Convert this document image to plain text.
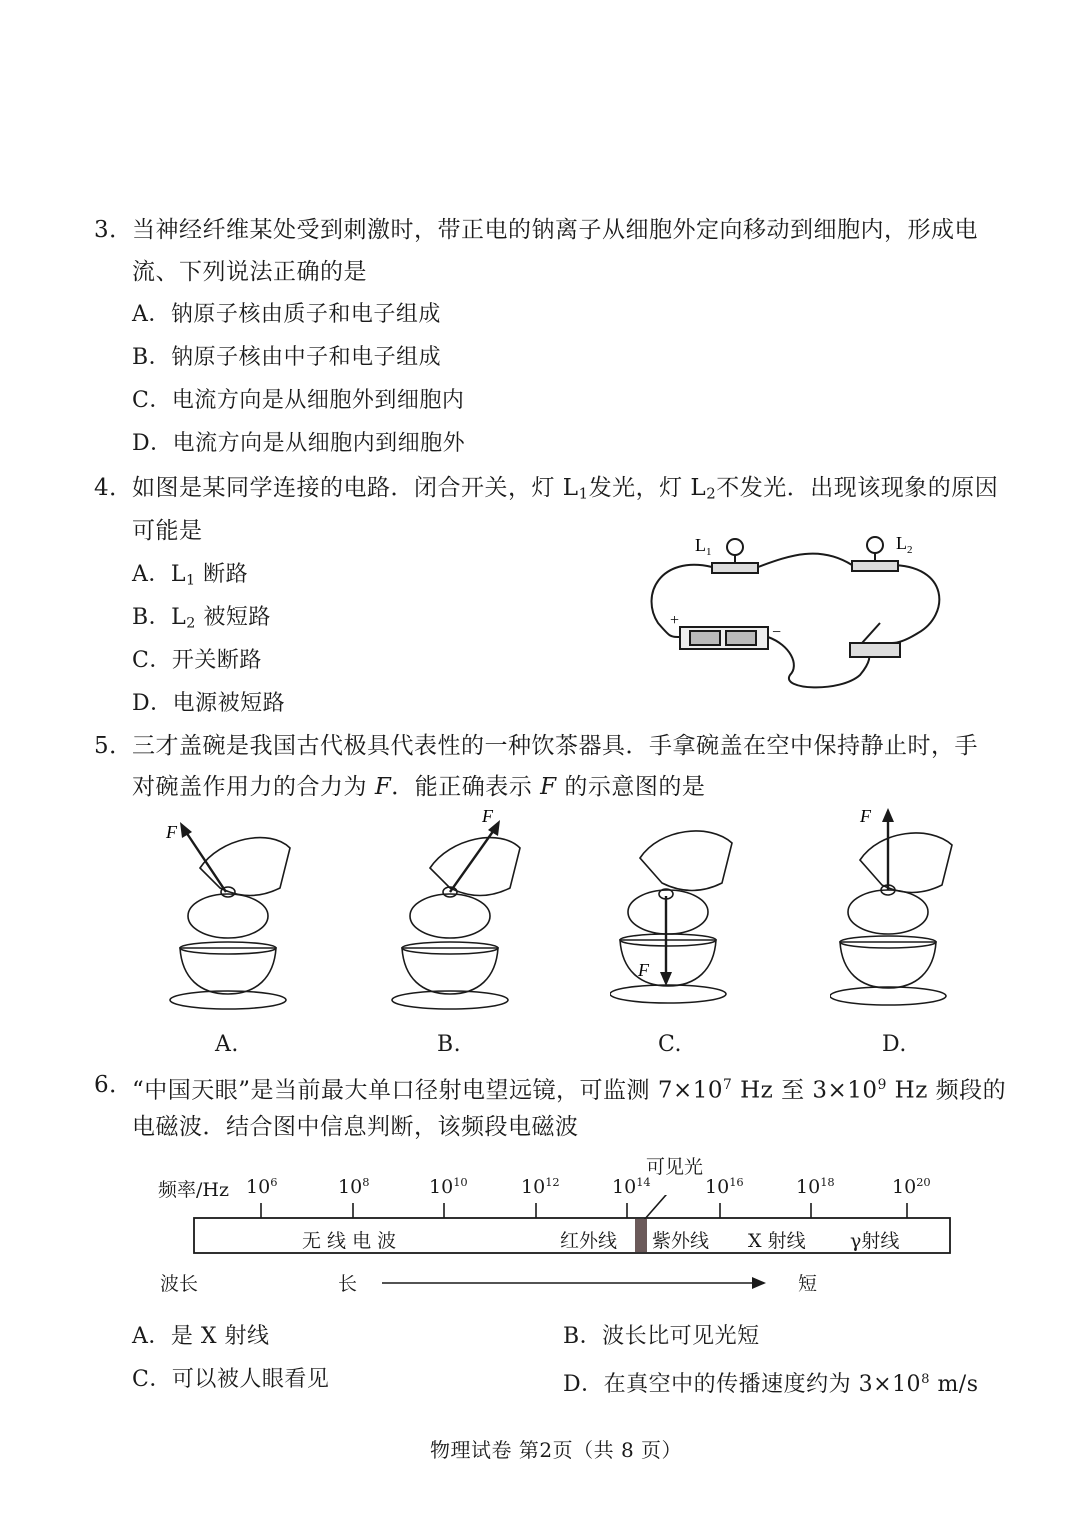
3． 当神经纤维某处受到刺激时，带正电的钠离子从细胞外定向移动到细胞内，形成电
流、下列说法正确的是
A．钠原子核由质子和电子组成
B．钠原子核由中子和电子组成
C．电流方向是从细胞外到细胞内
D．电流方向是从细胞内到细胞外
4． 如图是某同学连接的电路．闭合开关，灯 $L_1$发光，灯 $L_2$不发光．出现该现象的原因
可能是
A．$L_1$ 断路
B．$L_2$ 被短路
C．开关断路
D．电源被短路
$L_1$	$L_2$
+
−
5． 三才盖碗是我国古代极具代表性的一种饮茶器具．手拿碗盖在空中保持静止时，手
对碗盖作用力的合力为 F．能正确表示 F 的示意图的是
F
A.
F
B.
F
C.
F
D.
6． “中国天眼”是当前最大单口径射电望远镜，可监测 $7\times 10^7$ Hz 至 $3\times 10^9$ Hz 频段的
电磁波．结合图中信息判断，该频段电磁波
频率/Hz
可见光
$10^6$	$10^8$	$10^{10}$	$10^{12}$	$10^{14}$	$10^{16}$	$10^{18}$	$10^{20}$
无 线 电 波	红外线 紫外线 X 射线 γ射线
波长	长	短
A．是 X 射线	B．波长比可见光短
C．可以被人眼看见	D．在真空中的传播速度约为 $3\times 10^8$ m/s
物理试卷 第2页（共 8 页）
